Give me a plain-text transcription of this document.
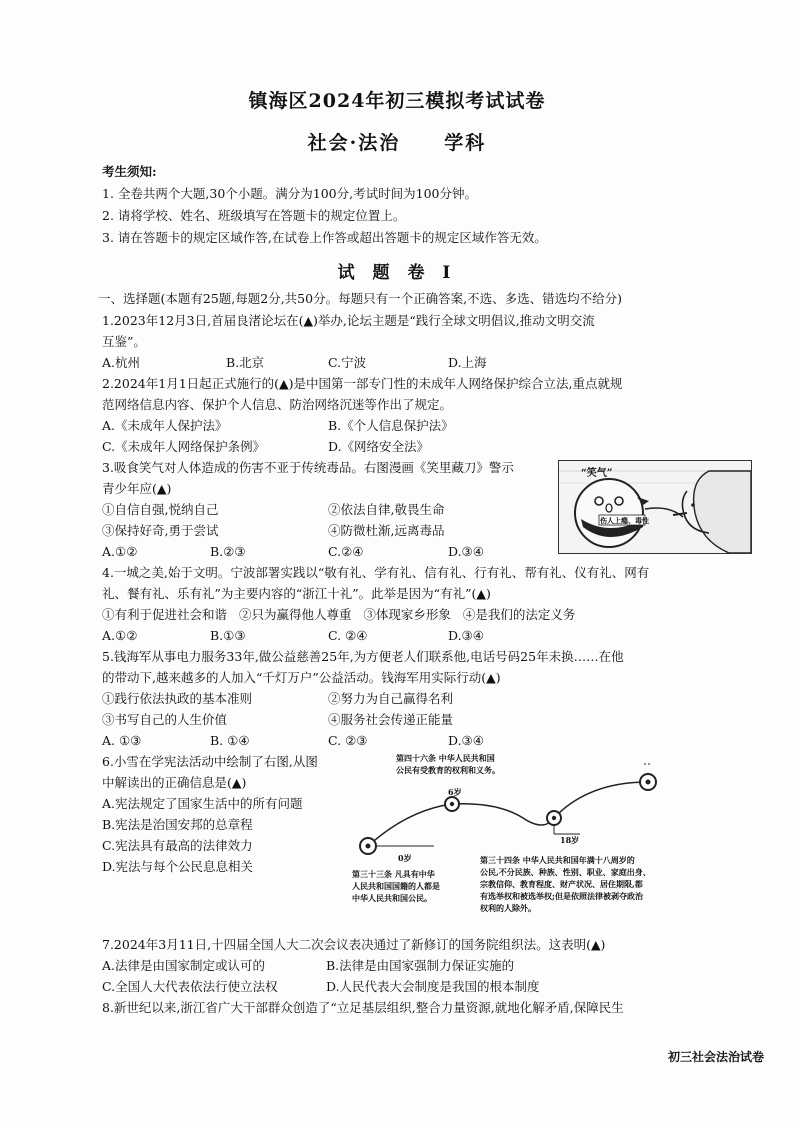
镇海区2024年初三模拟考试试卷
社会·法治 学科
考生须知:
1. 全卷共两个大题,30个小题。满分为100分,考试时间为100分钟。
2. 请将学校、姓名、班级填写在答题卡的规定位置上。
3. 请在答题卡的规定区域作答,在试卷上作答或超出答题卡的规定区域作答无效。
试 题 卷 Ⅰ
一、选择题(本题有25题,每题2分,共50分。每题只有一个正确答案,不选、多选、错选均不给分)
1.2023年12月3日,首届良渚论坛在(▲)举办,论坛主题是“践行全球文明倡议,推动文明交流
互鉴”。
A.杭州	B.北京	C.宁波	D.上海
2.2024年1月1日起正式施行的(▲)是中国第一部专门性的未成年人网络保护综合立法,重点就规
范网络信息内容、保护个人信息、防治网络沉迷等作出了规定。
A.《未成年人保护法》	B.《个人信息保护法》
C.《未成年人网络保护条例》	D.《网络安全法》
3.吸食笑气对人体造成的伤害不亚于传统毒品。右图漫画《笑里藏刀》警示
青少年应(▲)
①自信自强,悦纳自己	②依法自律,敬畏生命
③保持好奇,勇于尝试	④防微杜渐,远离毒品
A.①②	B.②③	C.②④	D.③④
“笑气”
伤人上瘾、毒性
4.一城之美,始于文明。宁波部署实践以“敬有礼、学有礼、信有礼、行有礼、帮有礼、仪有礼、网有
礼、餐有礼、乐有礼”为主要内容的“浙江十礼”。此举是因为“有礼”(▲)
①有利于促进社会和谐 ②只为赢得他人尊重 ③体现家乡形象 ④是我们的法定义务
A.①②	B.①③	C. ②④	D.③④
5.钱海军从事电力服务33年,做公益慈善25年,为方便老人们联系他,电话号码25年未换……在他
的带动下,越来越多的人加入“千灯万户”公益活动。钱海军用实际行动(▲)
①践行依法执政的基本准则	②努力为自己赢得名利
③书写自己的人生价值	④服务社会传递正能量
A. ①③	B. ①④	C. ②③	D.③④
6.小雪在学宪法活动中绘制了右图,从图
中解读出的正确信息是(▲)
A.宪法规定了国家生活中的所有问题
B.宪法是治国安邦的总章程
C.宪法具有最高的法律效力
D.宪法与每个公民息息相关
第四十六条 中华人民共和国
公民有受教育的权利和义务。
6岁
0岁
18岁
第三十三条 凡具有中华
人民共和国国籍的人都是
中华人民共和国公民。
第三十四条 中华人民共和国年满十八周岁的
公民,不分民族、种族、性别、职业、家庭出身、
宗教信仰、教育程度、财产状况、居住期限,都
有选举权和被选举权;但是依照法律被剥夺政治
权利的人除外。
7.2024年3月11日,十四届全国人大二次会议表决通过了新修订的国务院组织法。这表明(▲)
A.法律是由国家制定或认可的	B.法律是由国家强制力保证实施的
C.全国人大代表依法行使立法权	D.人民代表大会制度是我国的根本制度
8.新世纪以来,浙江省广大干部群众创造了“立足基层组织,整合力量资源,就地化解矛盾,保障民生
初三社会法治试卷
